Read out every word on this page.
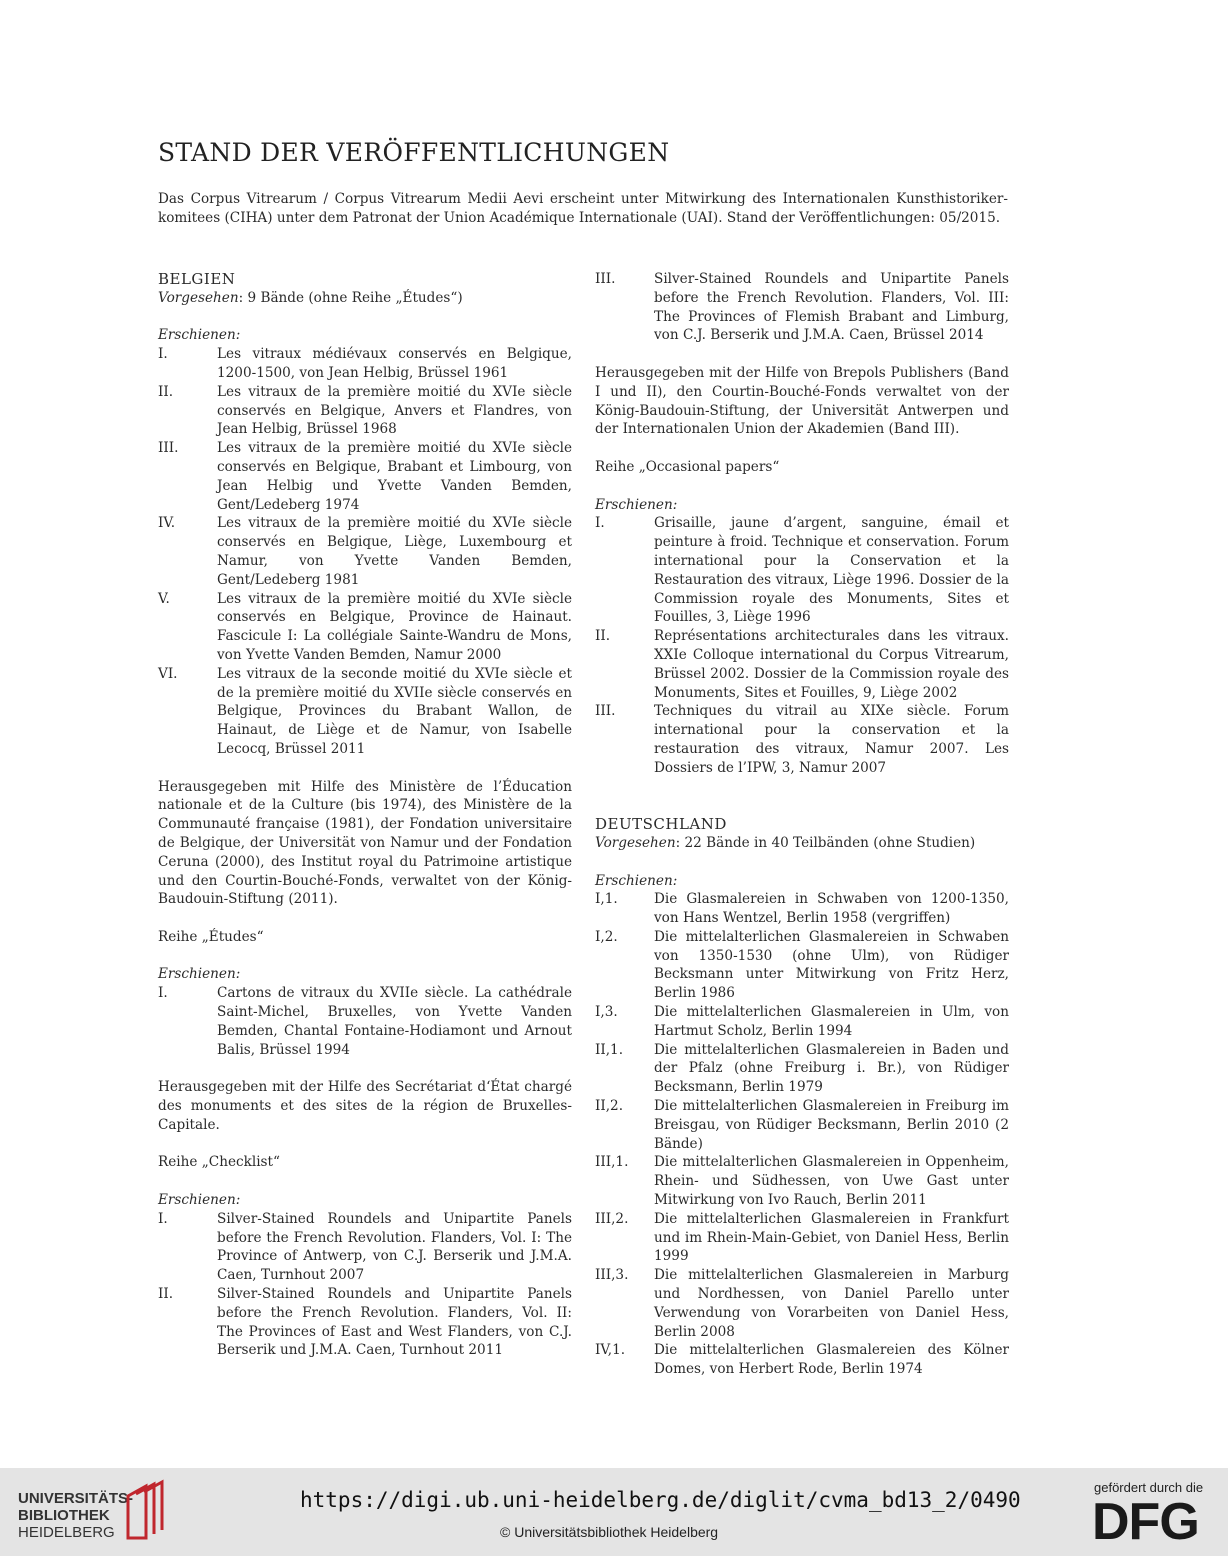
STAND DER VERÖFFENTLICHUNGEN

Das Corpus Vitrearum / Corpus Vitrearum Medii Aevi erscheint unter Mitwirkung des Internationalen Kunsthistoriker-komitees (CIHA) unter dem Patronat der Union Académique Internationale (UAI). Stand der Veröffentlichungen: 05/2015.

BELGIEN

Vorgesehen: 9 Bände (ohne Reihe „Études“)

Erschienen:

I.	Les vitraux médiévaux conservés en Belgique, 1200-1500, von Jean Helbig, Brüssel 1961
II.	Les vitraux de la première moitié du XVIe siècle conservés en Belgique, Anvers et Flandres, von Jean Helbig, Brüssel 1968
III.	Les vitraux de la première moitié du XVIe siècle conservés en Belgique, Brabant et Limbourg, von Jean Helbig und Yvette Vanden Bemden, Gent/Ledeberg 1974
IV.	Les vitraux de la première moitié du XVIe siècle conservés en Belgique, Liège, Luxembourg et Namur, von Yvette Vanden Bemden, Gent/Ledeberg 1981
V.	Les vitraux de la première moitié du XVIe siècle conservés en Belgique, Province de Hainaut. Fascicule I: La collégiale Sainte-Wandru de Mons, von Yvette Vanden Bemden, Namur 2000
VI.	Les vitraux de la seconde moitié du XVIe siècle et de la première moitié du XVIIe siècle conservés en Belgique, Provinces du Brabant Wallon, de Hainaut, de Liège et de Namur, von Isabelle Lecocq, Brüssel 2011

Herausgegeben mit Hilfe des Ministère de l’Éducation nationale et de la Culture (bis 1974), des Ministère de la Communauté française (1981), der Fondation universitaire de Belgique, der Universität von Namur und der Fondation Ceruna (2000), des Institut royal du Patrimoine artistique und den Courtin-Bouché-Fonds, verwaltet von der König-Baudouin-Stiftung (2011).

Reihe „Études“

Erschienen:

I.	Cartons de vitraux du XVIIe siècle. La cathédrale Saint-Michel, Bruxelles, von Yvette Vanden Bemden, Chantal Fontaine-Hodiamont und Arnout Balis, Brüssel 1994

Herausgegeben mit der Hilfe des Secrétariat d‘État chargé des monuments et des sites de la région de Bruxelles-Capitale.

Reihe „Checklist“

Erschienen:

I.	Silver-Stained Roundels and Unipartite Panels before the French Revolution. Flanders, Vol. I: The Province of Antwerp, von C.J. Berserik und J.M.A. Caen, Turnhout 2007
II.	Silver-Stained Roundels and Unipartite Panels before the French Revolution. Flanders, Vol. II: The Provinces of East and West Flanders, von C.J. Berserik und J.M.A. Caen, Turnhout 2011
III.	Silver-Stained Roundels and Unipartite Panels before the French Revolution. Flanders, Vol. III: The Provinces of Flemish Brabant and Limburg, von C.J. Berserik und J.M.A. Caen, Brüssel 2014

Herausgegeben mit der Hilfe von Brepols Publishers (Band I und II), den Courtin-Bouché-Fonds verwaltet von der König-Baudouin-Stiftung, der Universität Antwerpen und der Internationalen Union der Akademien (Band III).

Reihe „Occasional papers“

Erschienen:

I.	Grisaille, jaune d’argent, sanguine, émail et peinture à froid. Technique et conservation. Forum international pour la Conservation et la Restauration des vitraux, Liège 1996. Dossier de la Commission royale des Monuments, Sites et Fouilles, 3, Liège 1996
II.	Représentations architecturales dans les vitraux. XXIe Colloque international du Corpus Vitrearum, Brüssel 2002. Dossier de la Commission royale des Monuments, Sites et Fouilles, 9, Liège 2002
III.	Techniques du vitrail au XIXe siècle. Forum international pour la conservation et la restauration des vitraux, Namur 2007. Les Dossiers de l’IPW, 3, Namur 2007
DEUTSCHLAND

Vorgesehen: 22 Bände in 40 Teilbänden (ohne Studien)

Erschienen:

I,1.	Die Glasmalereien in Schwaben von 1200-1350, von Hans Wentzel, Berlin 1958 (vergriffen)
I,2.	Die mittelalterlichen Glasmalereien in Schwaben von 1350-1530 (ohne Ulm), von Rüdiger Becksmann unter Mitwirkung von Fritz Herz, Berlin 1986
I,3.	Die mittelalterlichen Glasmalereien in Ulm, von Hartmut Scholz, Berlin 1994
II,1.	Die mittelalterlichen Glasmalereien in Baden und der Pfalz (ohne Freiburg i. Br.), von Rüdiger Becksmann, Berlin 1979
II,2.	Die mittelalterlichen Glasmalereien in Freiburg im Breisgau, von Rüdiger Becksmann, Berlin 2010 (2 Bände)
III,1.	Die mittelalterlichen Glasmalereien in Oppenheim, Rhein- und Südhessen, von Uwe Gast unter Mitwirkung von Ivo Rauch, Berlin 2011
III,2.	Die mittelalterlichen Glasmalereien in Frankfurt und im Rhein-Main-Gebiet, von Daniel Hess, Berlin 1999
III,3.	Die mittelalterlichen Glasmalereien in Marburg und Nordhessen, von Daniel Parello unter Verwendung von Vorarbeiten von Daniel Hess, Berlin 2008
IV,1.	Die mittelalterlichen Glasmalereien des Kölner Domes, von Herbert Rode, Berlin 1974
UNIVERSITÄTS-
BIBLIOTHEK
HEIDELBERG
https://digi.ub.uni-heidelberg.de/diglit/cvma_bd13_2/0490
© Universitätsbibliothek Heidelberg
gefördert durch die
DFG
